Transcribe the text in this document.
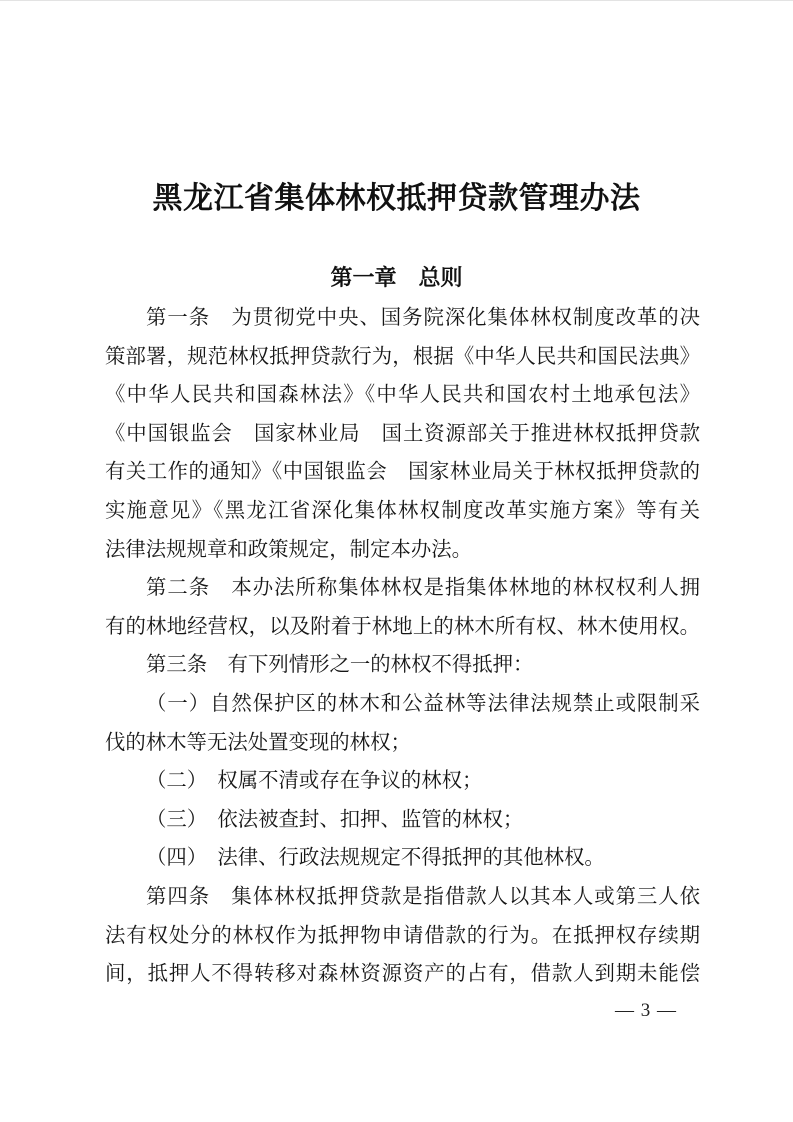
黑龙江省集体林权抵押贷款管理办法
第一章　总则
第一条　为贯彻党中央、国务院深化集体林权制度改革的决
策部署，规范林权抵押贷款行为，根据《中华人民共和国民法典》
《中华人民共和国森林法》《中华人民共和国农村土地承包法》
《中国银监会　国家林业局　国土资源部关于推进林权抵押贷款
有关工作的通知》《中国银监会　国家林业局关于林权抵押贷款的
实施意见》《黑龙江省深化集体林权制度改革实施方案》等有关
法律法规规章和政策规定，制定本办法。
第二条　本办法所称集体林权是指集体林地的林权权利人拥
有的林地经营权，以及附着于林地上的林木所有权、林木使用权。
第三条　有下列情形之一的林权不得抵押：
（一）自然保护区的林木和公益林等法律法规禁止或限制采
伐的林木等无法处置变现的林权；
（二）　权属不清或存在争议的林权；
（三）　依法被查封、扣押、监管的林权；
（四）　法律、行政法规规定不得抵押的其他林权。
第四条　集体林权抵押贷款是指借款人以其本人或第三人依
法有权处分的林权作为抵押物申请借款的行为。在抵押权存续期
间，抵押人不得转移对森林资源资产的占有，借款人到期未能偿
— 3 —
